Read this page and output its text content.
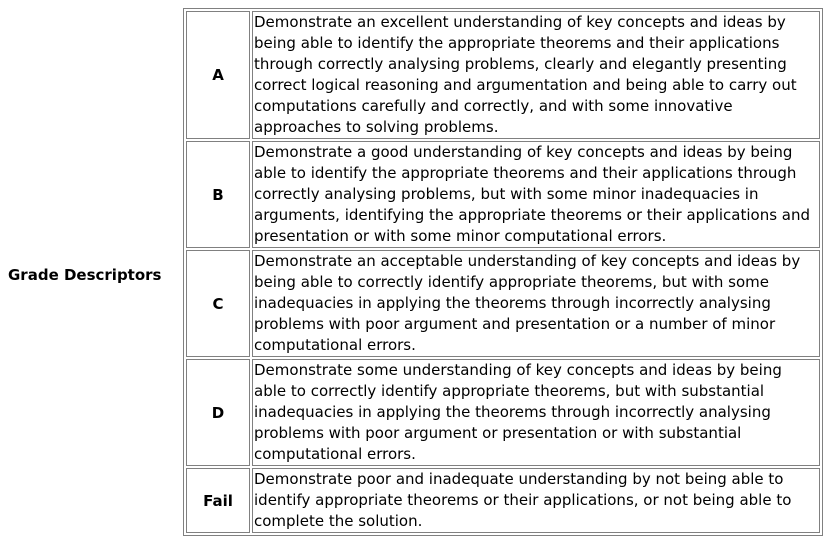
Grade Descriptors
A	Demonstrate an excellent understanding of key concepts and ideas by being able to identify the appropriate theorems and their applications through correctly analysing problems, clearly and elegantly presenting correct logical reasoning and argumentation and being able to carry out computations carefully and correctly, and with some innovative approaches to solving problems.
B	Demonstrate a good understanding of key concepts and ideas by being able to identify the appropriate theorems and their applications through correctly analysing problems, but with some minor inadequacies in arguments, identifying the appropriate theorems or their applications and presentation or with some minor computational errors.
C	Demonstrate an acceptable understanding of key concepts and ideas by being able to correctly identify appropriate theorems, but with some inadequacies in applying the theorems through incorrectly analysing problems with poor argument and presentation or a number of minor computational errors.
D	Demonstrate some understanding of key concepts and ideas by being able to correctly identify appropriate theorems, but with substantial inadequacies in applying the theorems through incorrectly analysing problems with poor argument or presentation or with substantial computational errors.
Fail	Demonstrate poor and inadequate understanding by not being able to identify appropriate theorems or their applications, or not being able to complete the solution.
